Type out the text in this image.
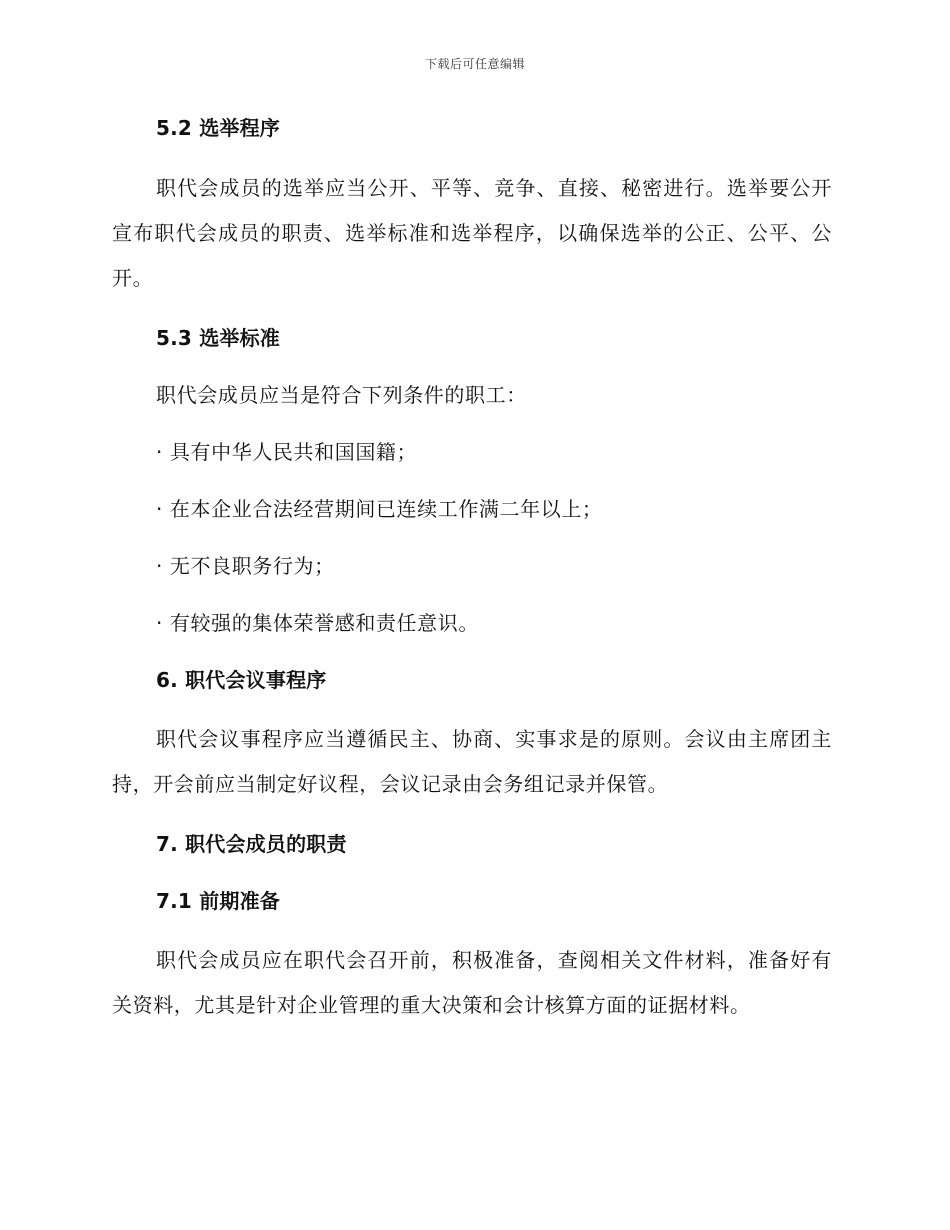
下载后可任意编辑

5.2 选举程序

职代会成员的选举应当公开、平等、竞争、直接、秘密进行。选举要公开宣布职代会成员的职责、选举标准和选举程序，以确保选举的公正、公平、公开。

5.3 选举标准

职代会成员应当是符合下列条件的职工：

· 具有中华人民共和国国籍；

· 在本企业合法经营期间已连续工作满二年以上；

· 无不良职务行为；

· 有较强的集体荣誉感和责任意识。

6. 职代会议事程序

职代会议事程序应当遵循民主、协商、实事求是的原则。会议由主席团主持，开会前应当制定好议程，会议记录由会务组记录并保管。

7. 职代会成员的职责

7.1 前期准备

职代会成员应在职代会召开前，积极准备，查阅相关文件材料，准备好有关资料，尤其是针对企业管理的重大决策和会计核算方面的证据材料。
